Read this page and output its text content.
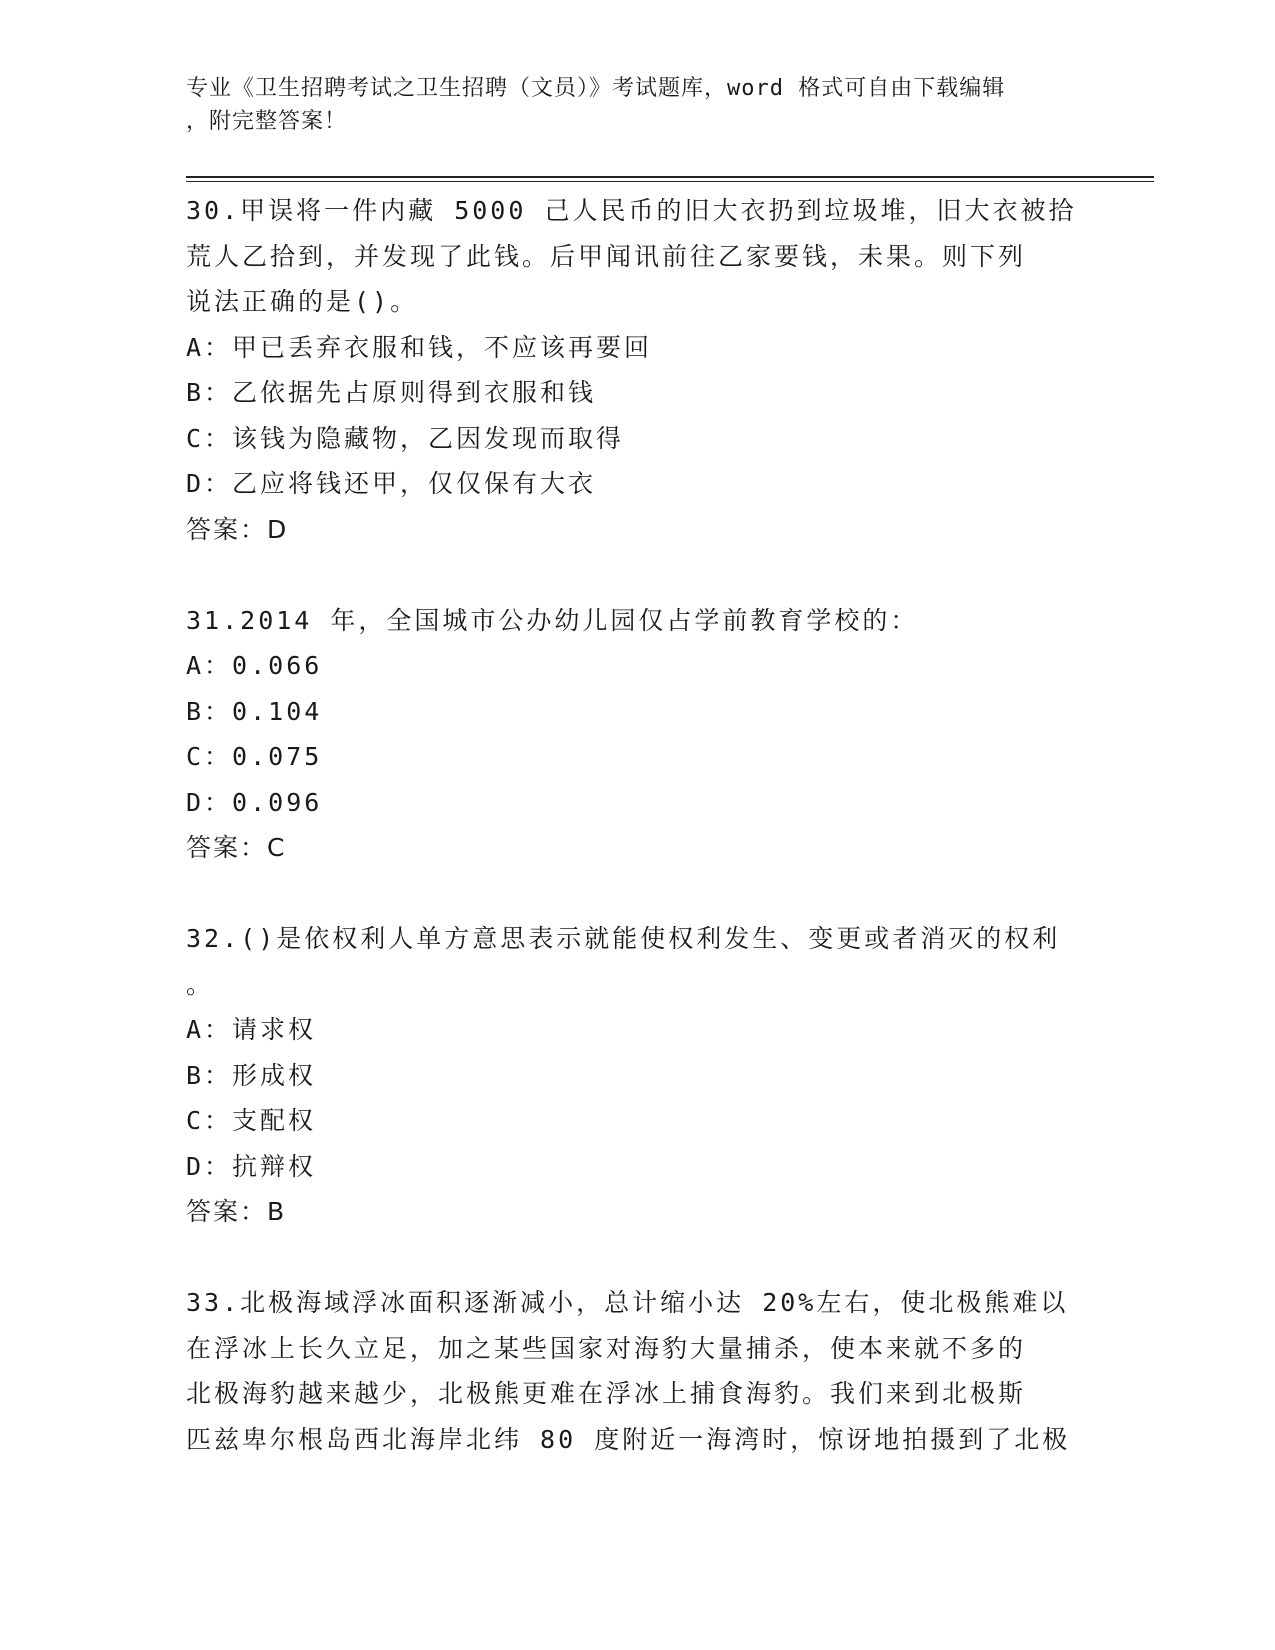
专业《卫生招聘考试之卫生招聘（文员）》考试题库，word 格式可自由下载编辑
，附完整答案！
30.甲误将一件内藏 5000 己人民币的旧大衣扔到垃圾堆，旧大衣被拾
荒人乙拾到，并发现了此钱。后甲闻讯前往乙家要钱，未果。则下列
说法正确的是()。
A：甲已丢弃衣服和钱，不应该再要回
B：乙依据先占原则得到衣服和钱
C：该钱为隐藏物，乙因发现而取得
D：乙应将钱还甲，仅仅保有大衣
答案：D
31.2014 年，全国城市公办幼儿园仅占学前教育学校的：
A：0.066
B：0.104
C：0.075
D：0.096
答案：C
32.()是依权利人单方意思表示就能使权利发生、变更或者消灭的权利
。
A：请求权
B：形成权
C：支配权
D：抗辩权
答案：B
33.北极海域浮冰面积逐渐减小，总计缩小达 20%左右，使北极熊难以
在浮冰上长久立足，加之某些国家对海豹大量捕杀，使本来就不多的
北极海豹越来越少，北极熊更难在浮冰上捕食海豹。我们来到北极斯
匹兹卑尔根岛西北海岸北纬 80 度附近一海湾时，惊讶地拍摄到了北极
